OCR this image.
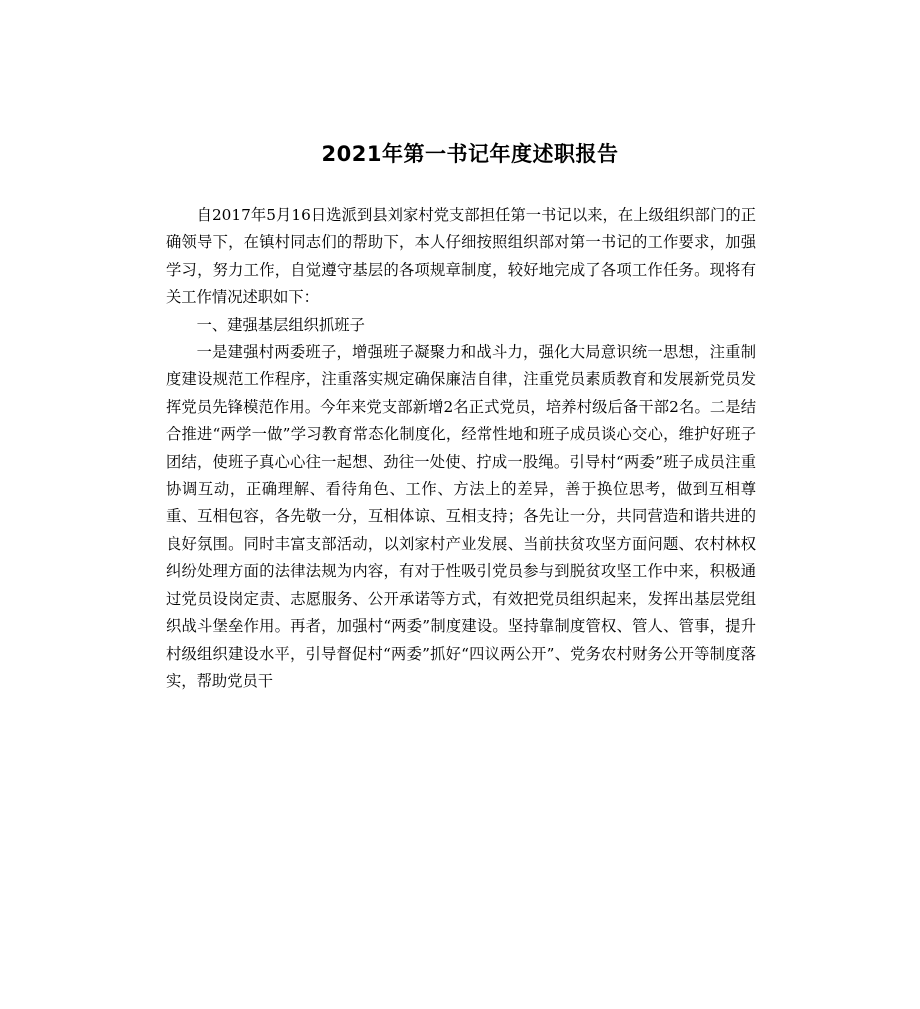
2021年第一书记年度述职报告

自2017年5月16日选派到县刘家村党支部担任第一书记以来，在上级组织部门的正确领导下，在镇村同志们的帮助下，本人仔细按照组织部对第一书记的工作要求，加强学习，努力工作，自觉遵守基层的各项规章制度，较好地完成了各项工作任务。现将有关工作情况述职如下：

一、建强基层组织抓班子

一是建强村两委班子，增强班子凝聚力和战斗力，强化大局意识统一思想，注重制度建设规范工作程序，注重落实规定确保廉洁自律，注重党员素质教育和发展新党员发挥党员先锋模范作用。今年来党支部新增2名正式党员，培养村级后备干部2名。二是结合推进“两学一做”学习教育常态化制度化，经常性地和班子成员谈心交心，维护好班子团结，使班子真心心往一起想、劲往一处使、拧成一股绳。引导村“两委”班子成员注重协调互动，正确理解、看待角色、工作、方法上的差异，善于换位思考，做到互相尊重、互相包容，各先敬一分，互相体谅、互相支持；各先让一分，共同营造和谐共进的良好氛围。同时丰富支部活动，以刘家村产业发展、当前扶贫攻坚方面问题、农村林权纠纷处理方面的法律法规为内容，有对于性吸引党员参与到脱贫攻坚工作中来，积极通过党员设岗定责、志愿服务、公开承诺等方式，有效把党员组织起来，发挥出基层党组织战斗堡垒作用。再者，加强村“两委”制度建设。坚持靠制度管权、管人、管事，提升村级组织建设水平，引导督促村“两委”抓好“四议两公开”、党务农村财务公开等制度落实，帮助党员干
